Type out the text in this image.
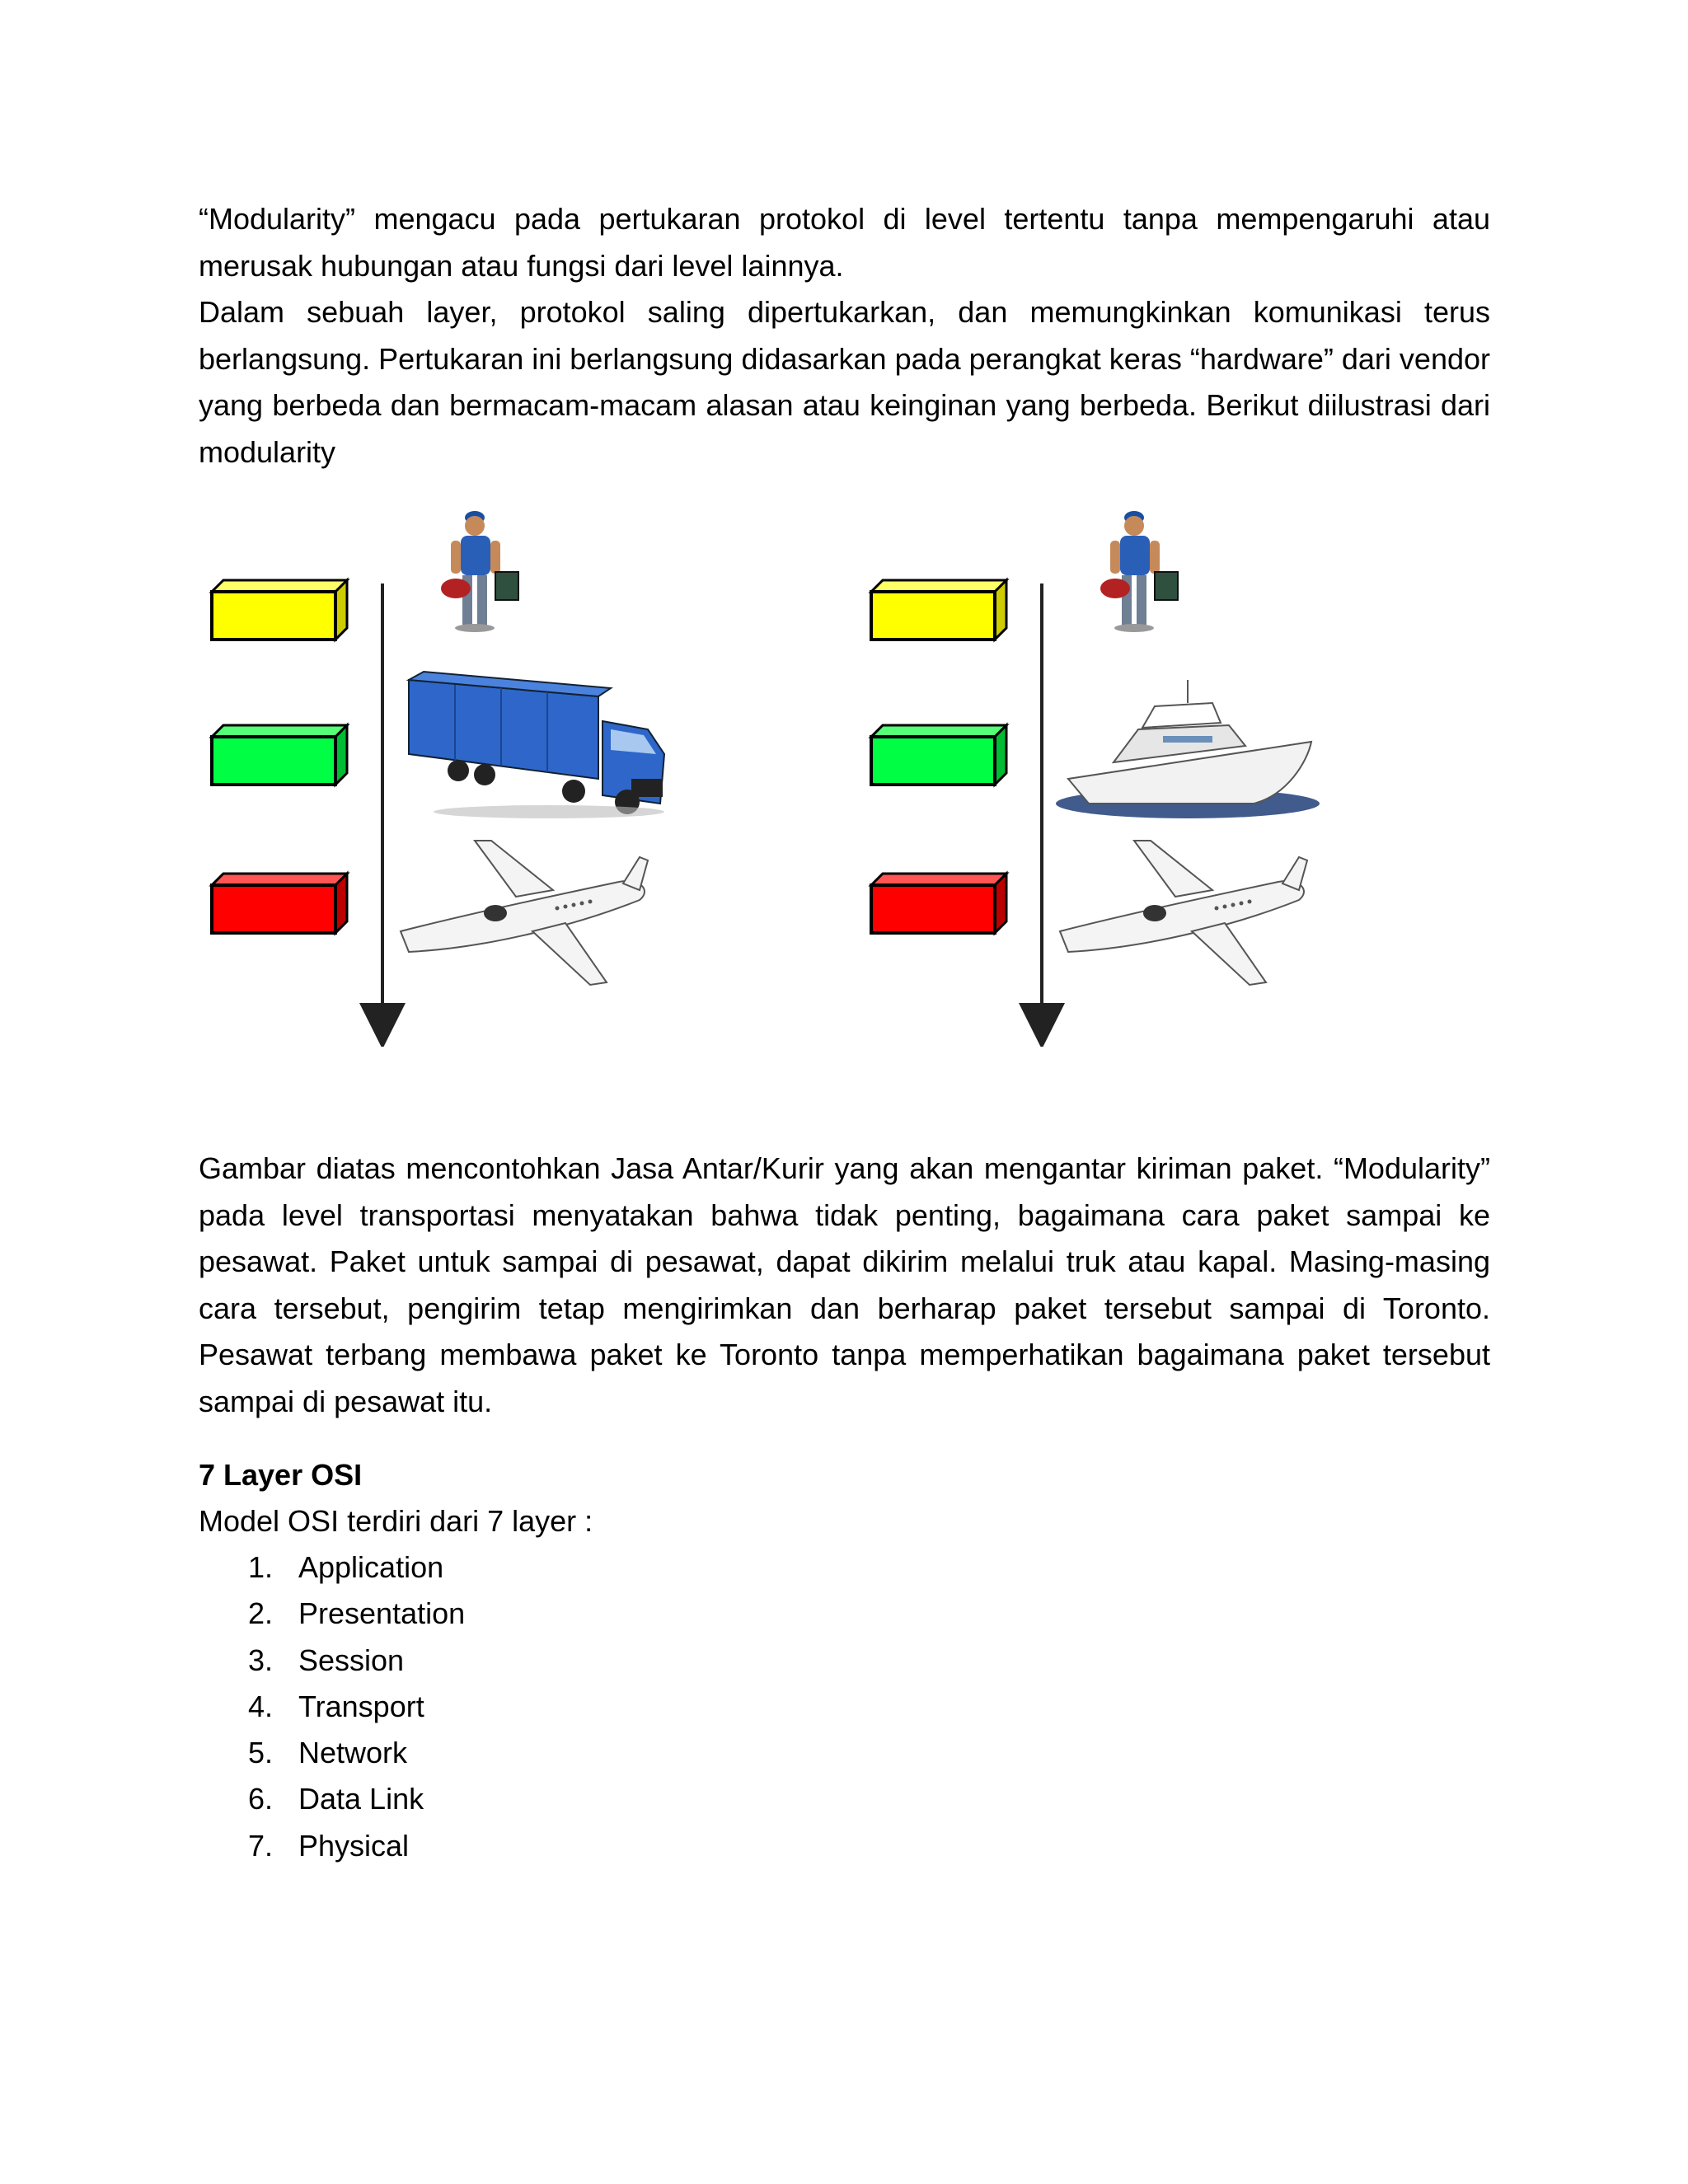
“Modularity” mengacu pada pertukaran protokol di level tertentu tanpa mempengaruhi atau merusak hubungan atau fungsi dari level lainnya.

Dalam sebuah layer, protokol saling dipertukarkan, dan memungkinkan komunikasi terus berlangsung. Pertukaran ini berlangsung didasarkan pada perangkat keras “hardware” dari vendor yang berbeda dan bermacam-macam alasan atau keinginan yang berbeda. Berikut diilustrasi dari modularity

Gambar diatas mencontohkan Jasa Antar/Kurir yang akan mengantar kiriman paket. “Modularity” pada level transportasi menyatakan bahwa tidak penting, bagaimana cara paket sampai ke pesawat. Paket untuk sampai di pesawat, dapat dikirim melalui truk atau kapal. Masing-masing cara tersebut, pengirim tetap mengirimkan dan berharap paket tersebut sampai di Toronto. Pesawat terbang membawa paket ke Toronto tanpa memperhatikan bagaimana paket tersebut sampai di pesawat itu.

7 Layer OSI

Model OSI terdiri dari 7 layer :

1. Application
2. Presentation
3. Session
4. Transport
5. Network
6. Data Link
7. Physical
